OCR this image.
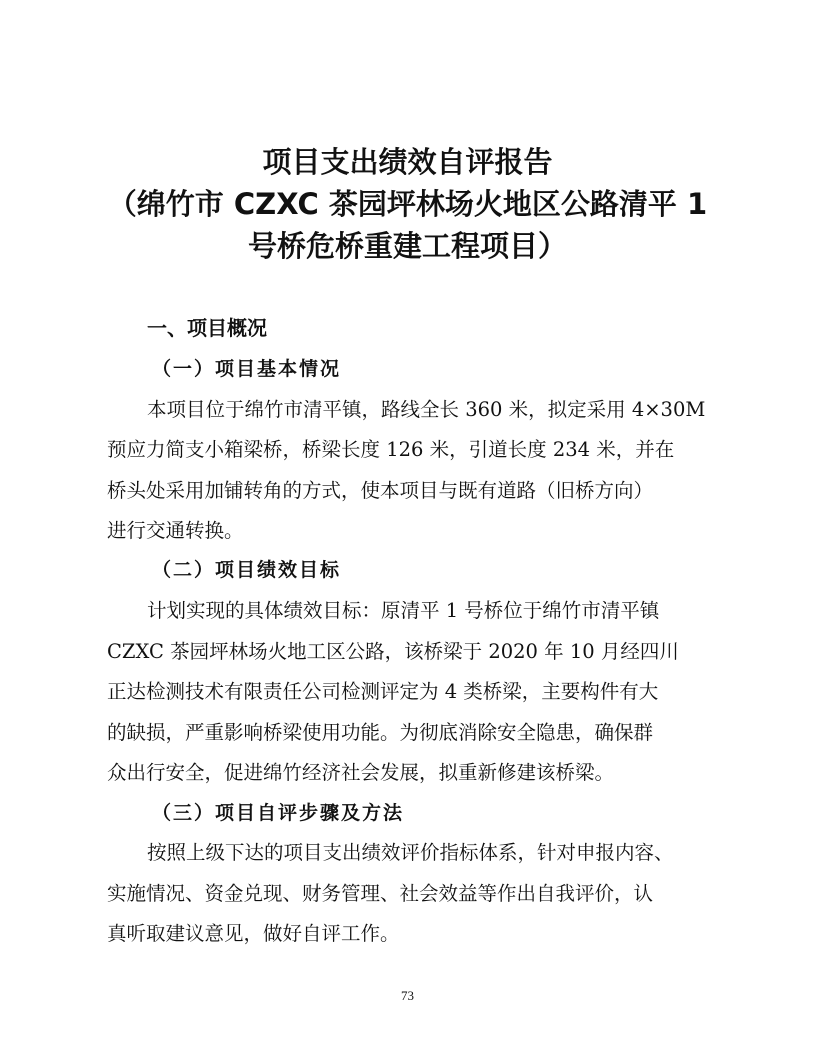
项目支出绩效自评报告
（绵竹市 CZXC 茶园坪林场火地区公路清平 1
号桥危桥重建工程项目）
一、项目概况
（一）项目基本情况

本项目位于绵竹市清平镇，路线全长 360 米，拟定采用 4×30M

预应力简支小箱梁桥，桥梁长度 126 米，引道长度 234 米，并在

桥头处采用加铺转角的方式，使本项目与既有道路（旧桥方向）

进行交通转换。

（二）项目绩效目标

计划实现的具体绩效目标：原清平 1 号桥位于绵竹市清平镇

CZXC 茶园坪林场火地工区公路，该桥梁于 2020 年 10 月经四川

正达检测技术有限责任公司检测评定为 4 类桥梁，主要构件有大

的缺损，严重影响桥梁使用功能。为彻底消除安全隐患，确保群

众出行安全，促进绵竹经济社会发展，拟重新修建该桥梁。

（三）项目自评步骤及方法

按照上级下达的项目支出绩效评价指标体系，针对申报内容、

实施情况、资金兑现、财务管理、社会效益等作出自我评价，认

真听取建议意见，做好自评工作。

73
